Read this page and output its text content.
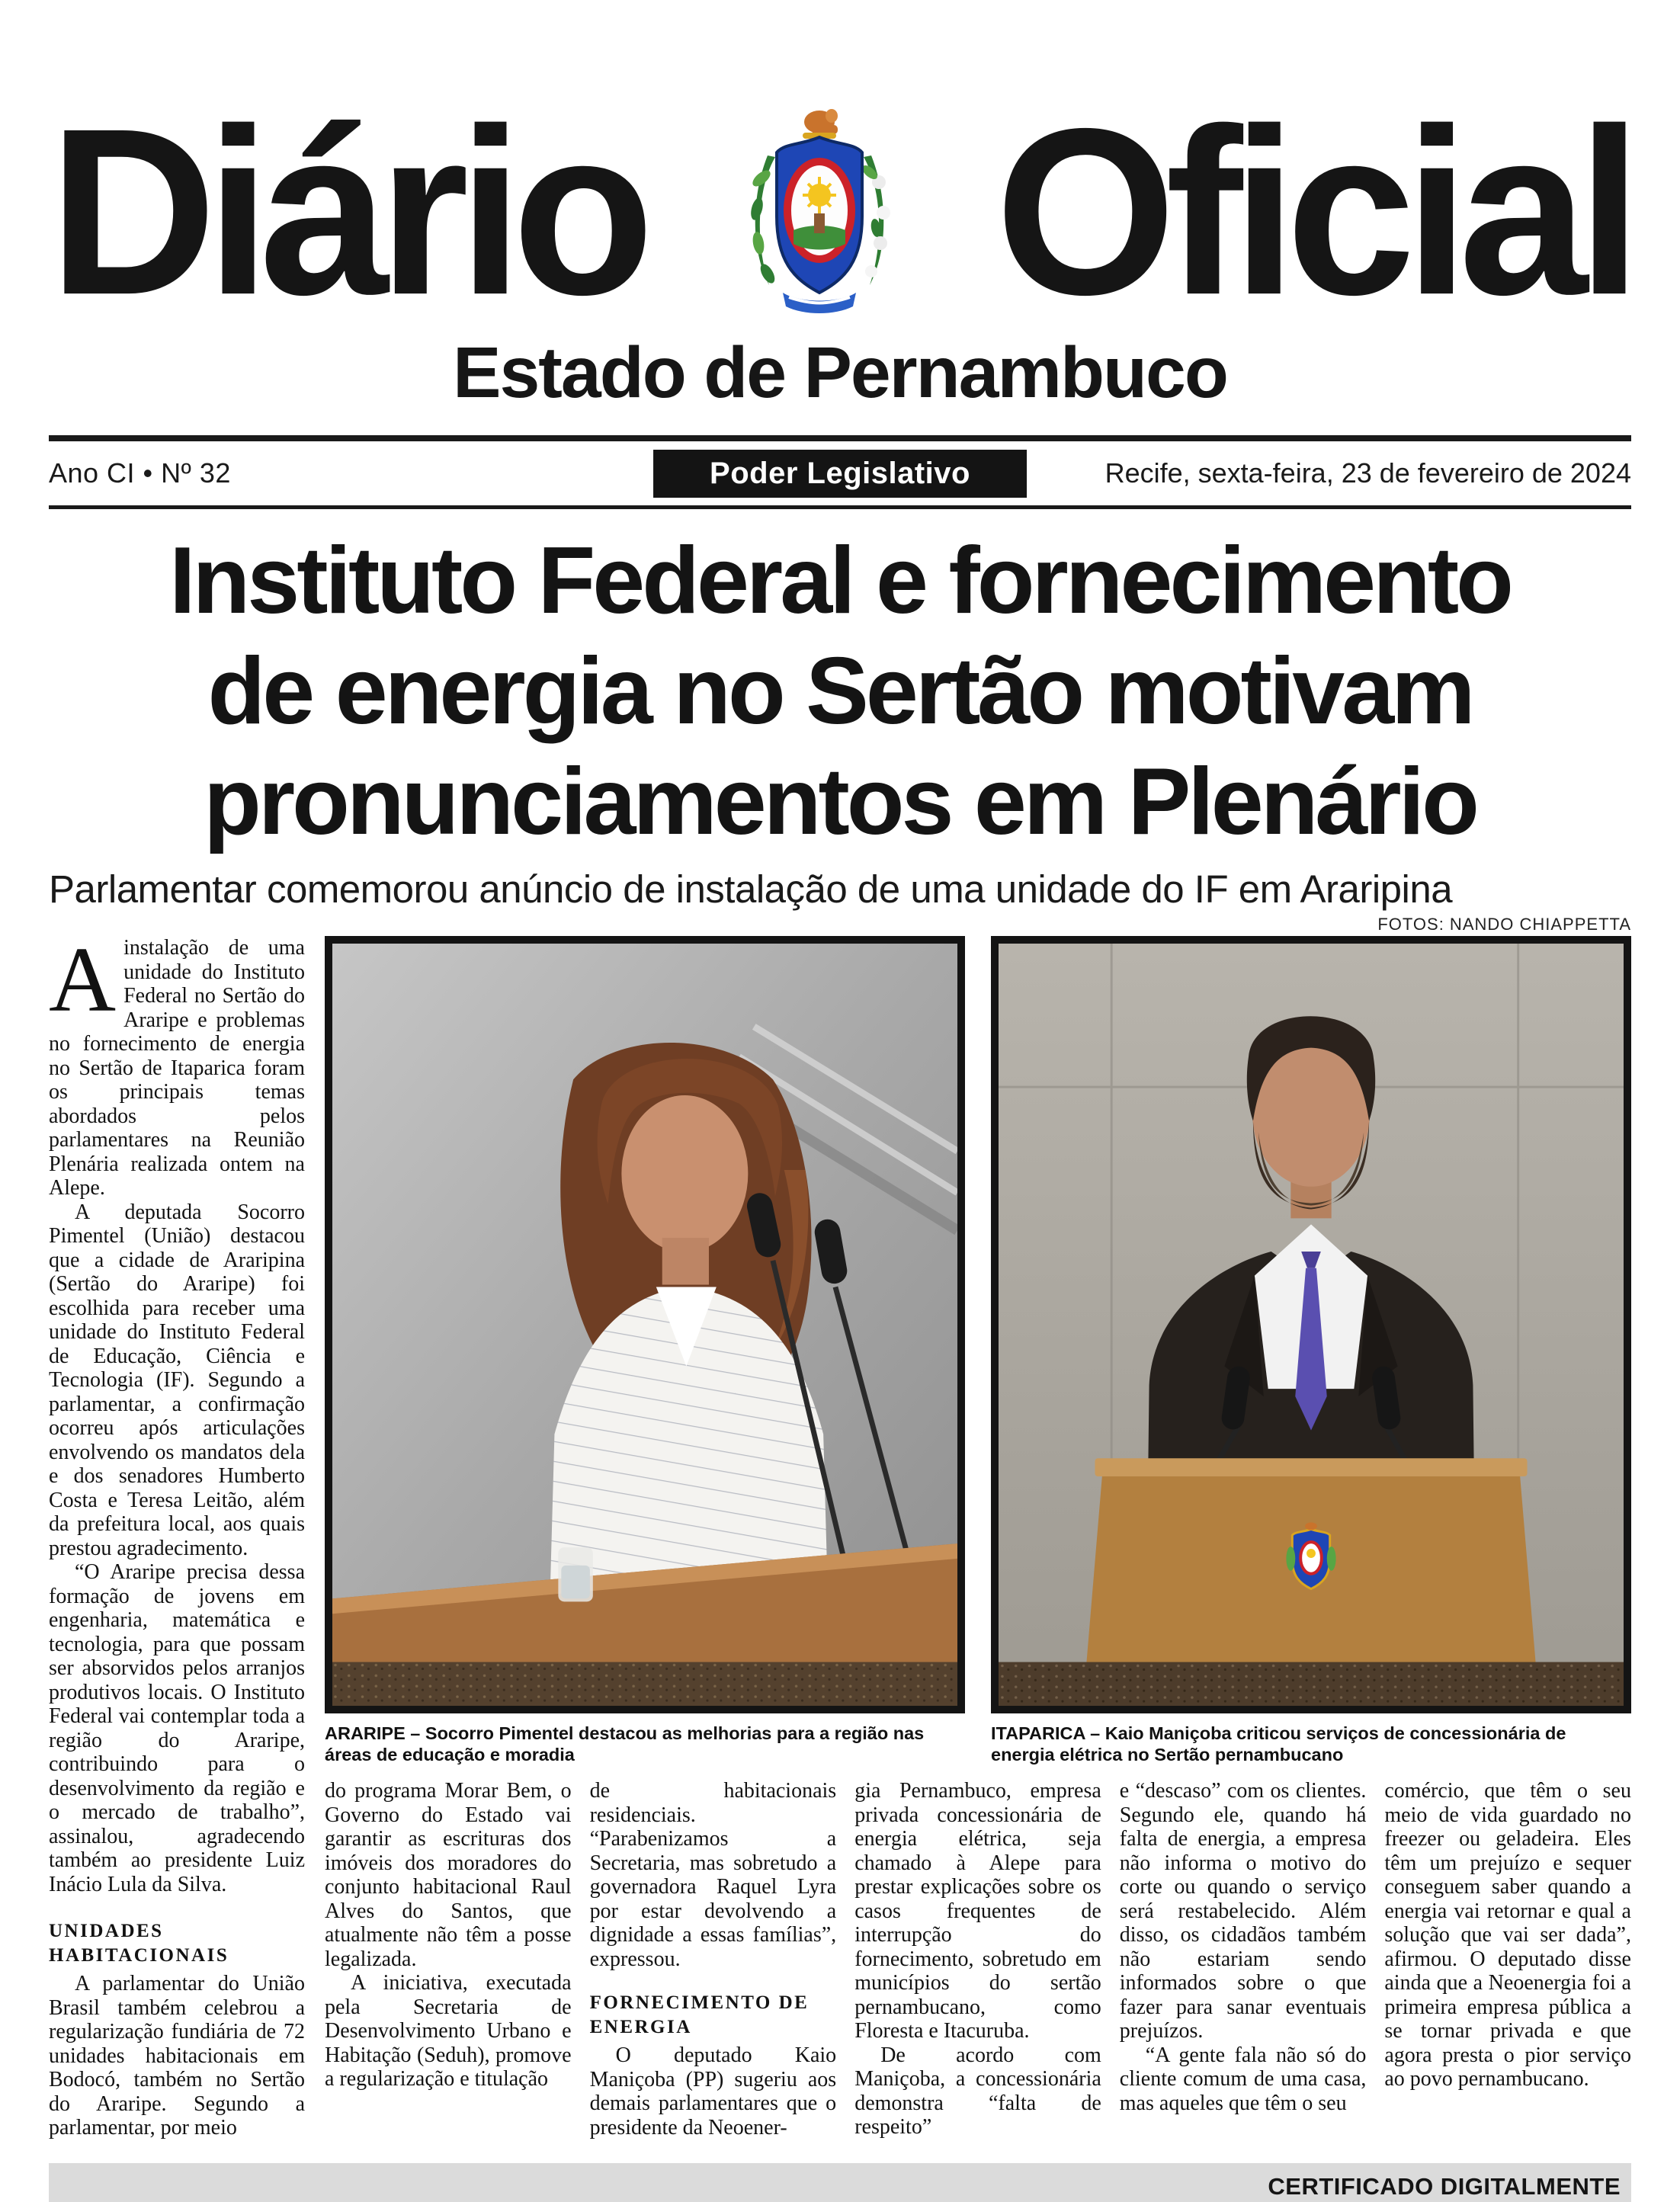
Diário Oficial
Estado de Pernambuco
Ano CI • Nº 32	Poder Legislativo	Recife, sexta-feira, 23 de fevereiro de 2024
Instituto Federal e fornecimento
de energia no Sertão motivam
pronunciamentos em Plenário
Parlamentar comemorou anúncio de instalação de uma unidade do IF em Araripina
FOTOS: NANDO CHIAPPETTA

Ainstalação de uma unidade do Instituto Federal no Sertão do Araripe e problemas no fornecimento de energia no Sertão de Itaparica foram os principais temas abordados pelos parlamentares na Reunião Plenária realizada ontem na Alepe.

A deputada Socorro Pimentel (União) destacou que a cidade de Araripina (Sertão do Araripe) foi escolhida para receber uma unidade do Instituto Federal de Educação, Ciência e Tecnologia (IF). Segundo a parlamentar, a confirmação ocorreu após articulações envolvendo os mandatos dela e dos senadores Humberto Costa e Teresa Leitão, além da prefeitura local, aos quais prestou agradecimento.

“O Araripe precisa dessa formação de jovens em engenharia, matemática e tecnologia, para que possam ser absorvidos pelos arranjos produtivos locais. O Instituto Federal vai contemplar toda a região do Araripe, contribuindo para o desenvolvimento da região e o mercado de trabalho”, assinalou, agradecendo também ao presidente Luiz Inácio Lula da Silva.

UNIDADES HABITACIONAIS

A parlamentar do União Brasil também celebrou a regularização fundiária de 72 unidades habitacionais em Bodocó, também no Sertão do Araripe. Segundo a parlamentar, por meio

ARARIPE – Socorro Pimentel destacou as melhorias para a região nas áreas de educação e moradia
ITAPARICA – Kaio Maniçoba criticou serviços de concessionária de energia elétrica no Sertão pernambucano

do programa Morar Bem, o Governo do Estado vai garantir as escrituras dos imóveis dos moradores do conjunto habitacional Raul Alves do Santos, que atualmente não têm a posse legalizada.

A iniciativa, executada pela Secretaria de Desenvolvimento Urbano e Habitação (Seduh), promove a regularização e titulação

de habitacionais residenciais. “Parabenizamos a Secretaria, mas sobretudo a governadora Raquel Lyra por estar devolvendo a dignidade a essas famílias”, expressou.

FORNECIMENTO DE ENERGIA

O deputado Kaio Maniçoba (PP) sugeriu aos demais parlamentares que o presidente da Neoener-

gia Pernambuco, empresa privada concessionária de energia elétrica, seja chamado à Alepe para prestar explicações sobre os casos frequentes de interrupção do fornecimento, sobretudo em municípios do sertão pernambucano, como Floresta e Itacuruba.

De acordo com Maniçoba, a concessionária demonstra “falta de respeito”

e “descaso” com os clientes. Segundo ele, quando há falta de energia, a empresa não informa o motivo do corte ou quando o serviço será restabelecido. Além disso, os cidadãos também não estariam sendo informados sobre o que fazer para sanar eventuais prejuízos.

“A gente fala não só do cliente comum de uma casa, mas aqueles que têm o seu

comércio, que têm o seu meio de vida guardado no freezer ou geladeira. Eles têm um prejuízo e sequer conseguem saber quando a energia vai retornar e qual a solução que vai ser dada”, afirmou. O deputado disse ainda que a Neoenergia foi a primeira empresa pública a se tornar privada e que agora presta o pior serviço ao povo pernambucano.

CERTIFICADO DIGITALMENTE
